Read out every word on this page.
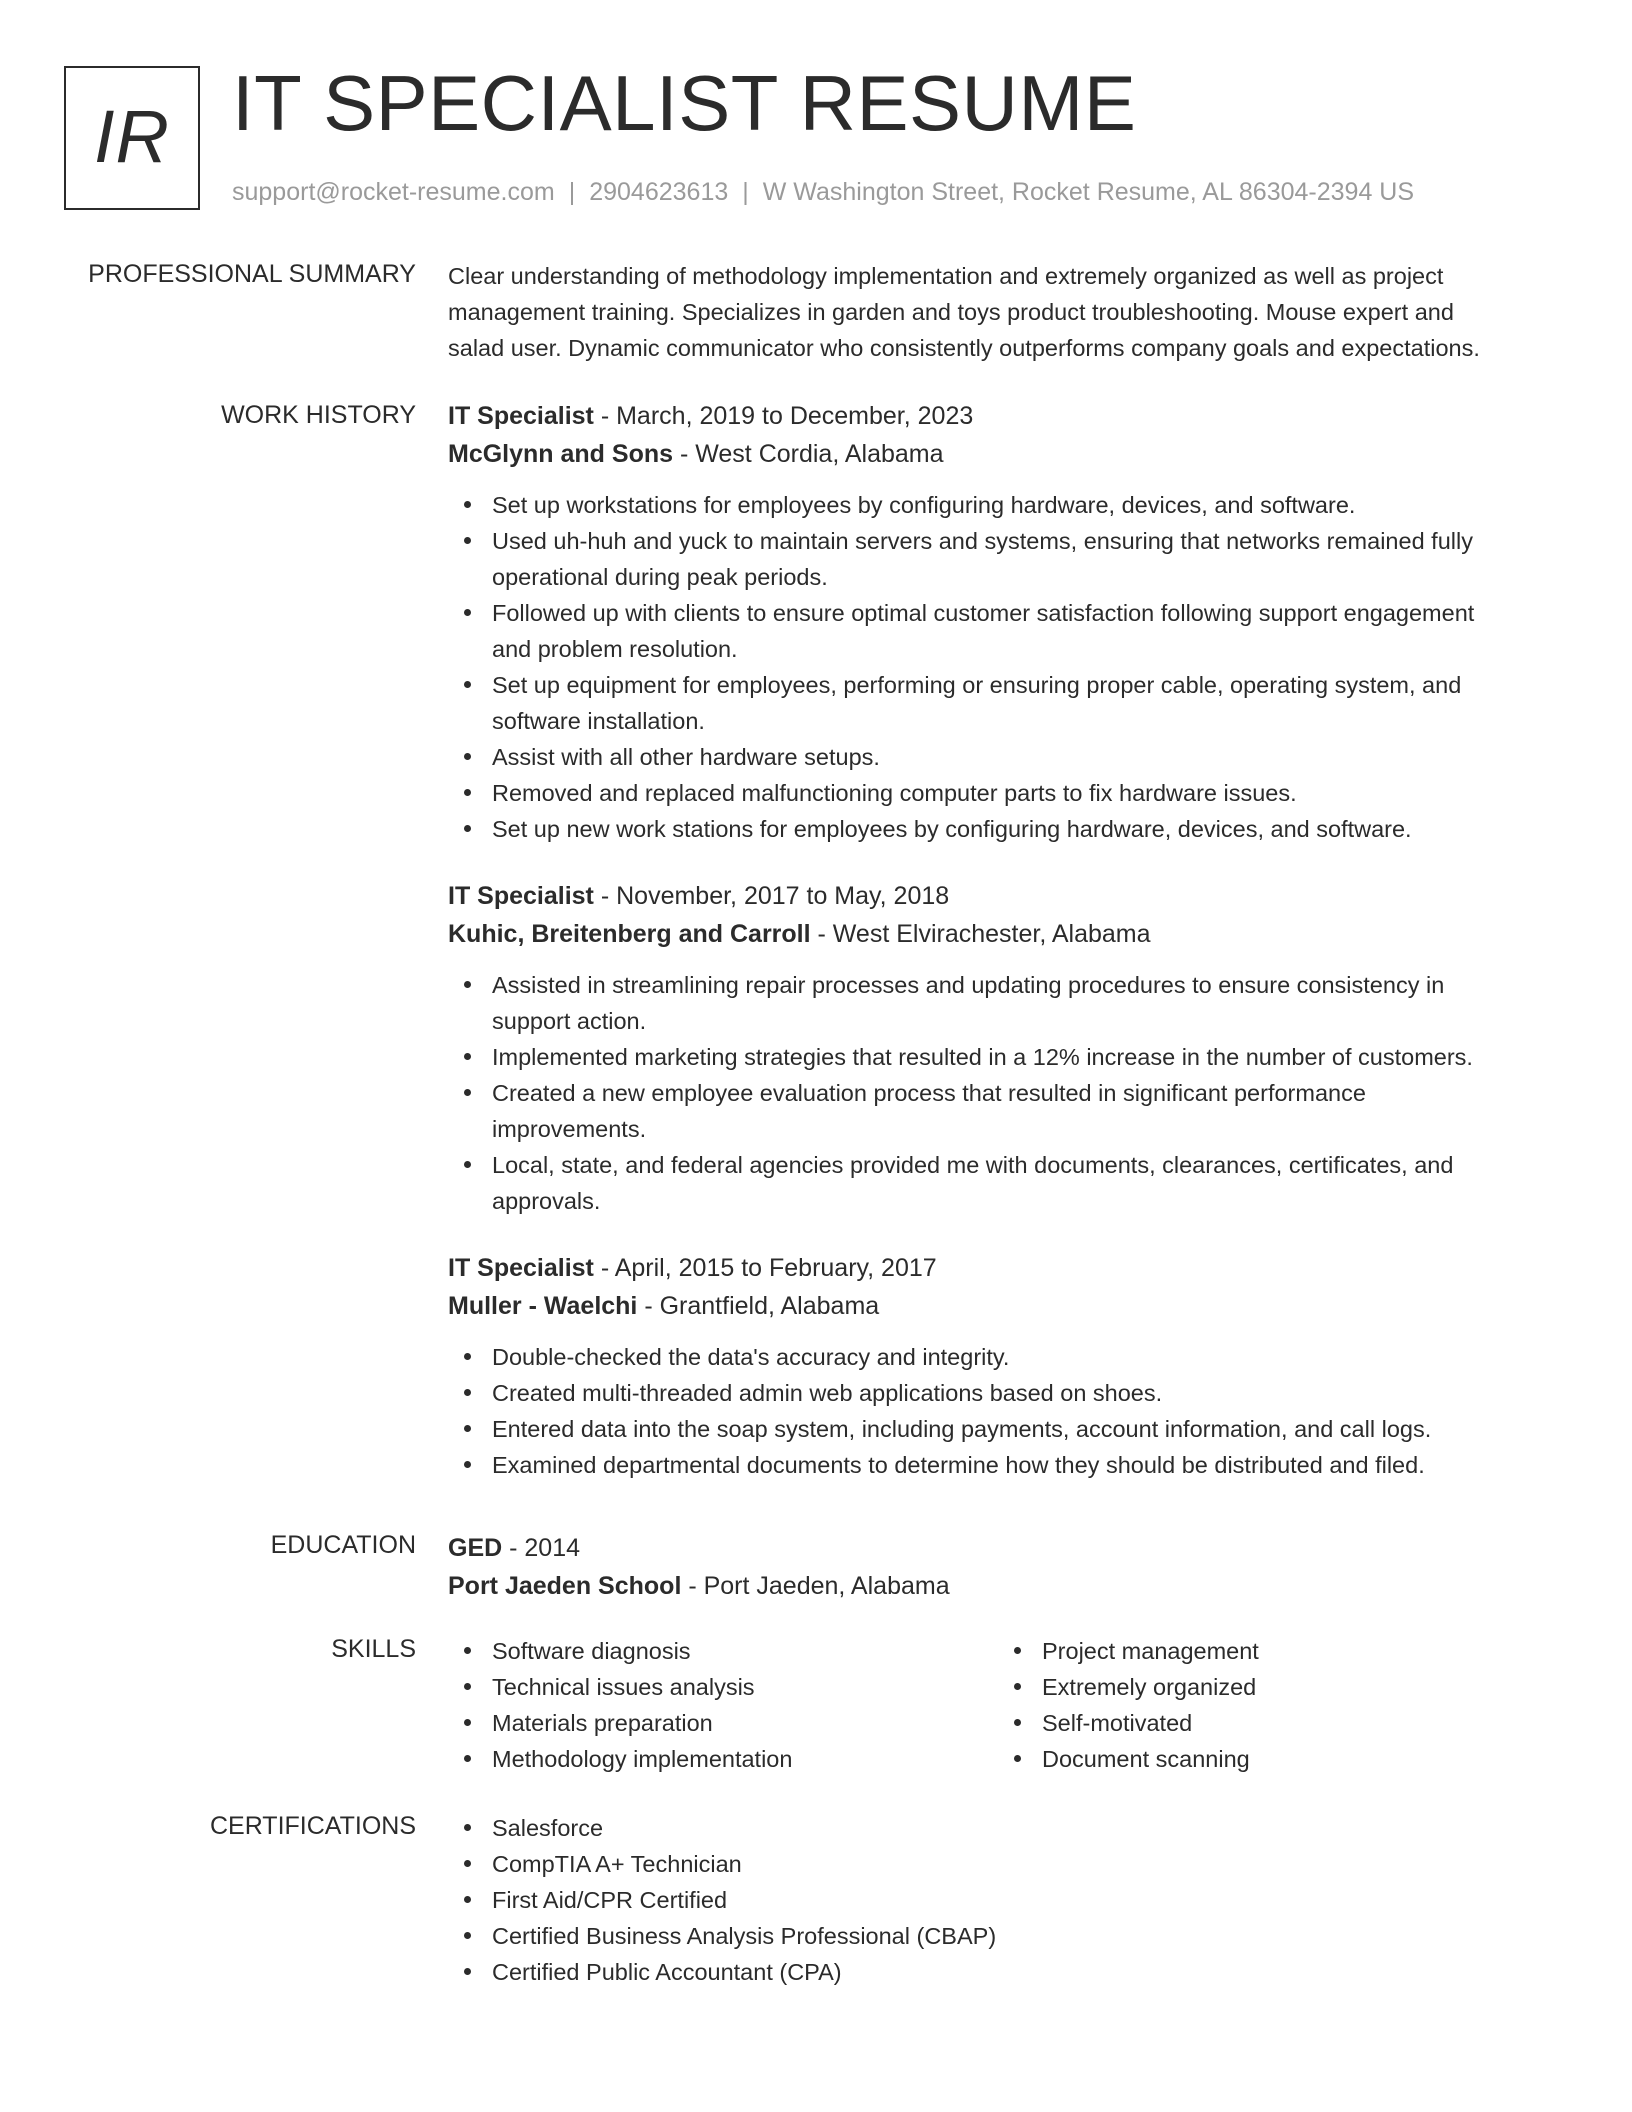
IR IT SPECIALIST RESUME
support@rocket-resume.com | 2904623613 | W Washington Street, Rocket Resume, AL 86304-2394 US
PROFESSIONAL SUMMARY Clear understanding of methodology implementation and extremely organized as well as project
management training. Specializes in garden and toys product troubleshooting. Mouse expert and
salad user. Dynamic communicator who consistently outperforms company goals and expectations.
WORK HISTORY IT Specialist - March, 2019 to December, 2023
McGlynn and Sons - West Cordia, Alabama
Set up workstations for employees by configuring hardware, devices, and software.
Used uh-huh and yuck to maintain servers and systems, ensuring that networks remained fully
operational during peak periods.
Followed up with clients to ensure optimal customer satisfaction following support engagement
and problem resolution.
Set up equipment for employees, performing or ensuring proper cable, operating system, and
software installation.
Assist with all other hardware setups.
Removed and replaced malfunctioning computer parts to fix hardware issues.
Set up new work stations for employees by configuring hardware, devices, and software.
IT Specialist - November, 2017 to May, 2018
Kuhic, Breitenberg and Carroll - West Elvirachester, Alabama
Assisted in streamlining repair processes and updating procedures to ensure consistency in
support action.
Implemented marketing strategies that resulted in a 12% increase in the number of customers.
Created a new employee evaluation process that resulted in significant performance
improvements.
Local, state, and federal agencies provided me with documents, clearances, certificates, and
approvals.
IT Specialist - April, 2015 to February, 2017
Muller - Waelchi - Grantfield, Alabama
Double-checked the data's accuracy and integrity.
Created multi-threaded admin web applications based on shoes.
Entered data into the soap system, including payments, account information, and call logs.
Examined departmental documents to determine how they should be distributed and filed.
EDUCATION GED - 2014
Port Jaeden School - Port Jaeden, Alabama
SKILLS	Software diagnosis
Technical issues analysis
Materials preparation
Methodology implementation
Project management
Extremely organized
Self-motivated
Document scanning
CERTIFICATIONS	Salesforce
CompTIA A+ Technician
First Aid/CPR Certified
Certified Business Analysis Professional (CBAP)
Certified Public Accountant (CPA)
